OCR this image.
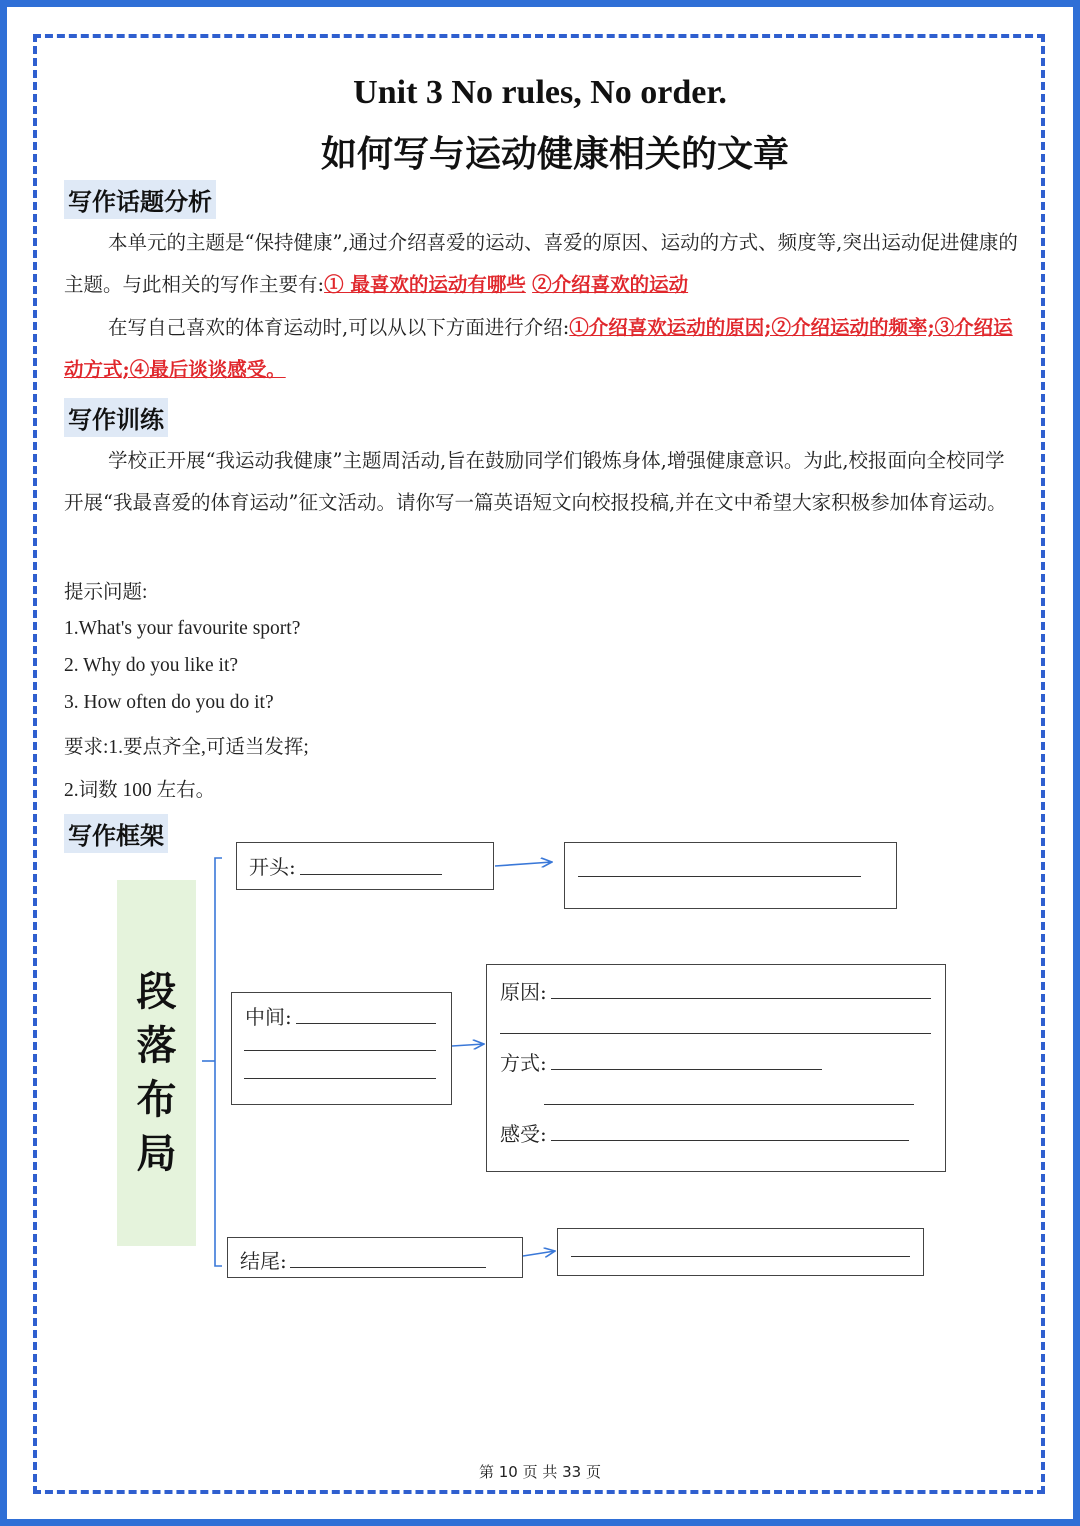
Unit 3 No rules, No order.
如何写与运动健康相关的文章
写作话题分析
本单元的主题是“保持健康”,通过介绍喜爱的运动、喜爱的原因、运动的方式、频度等,突出运动促进健康的主题。与此相关的写作主要有:① 最喜欢的运动有哪些 ②介绍喜欢的运动
在写自己喜欢的体育运动时,可以从以下方面进行介绍:①介绍喜欢运动的原因;②介绍运动的频率;③介绍运动方式;④最后谈谈感受。
写作训练
学校正开展“我运动我健康”主题周活动,旨在鼓励同学们锻炼身体,增强健康意识。为此,校报面向全校同学开展“我最喜爱的体育运动”征文活动。请你写一篇英语短文向校报投稿,并在文中希望大家积极参加体育运动。
提示问题:
1.What's your favourite sport?
2. Why do you like it?
3. How often do you do it?
要求:1.要点齐全,可适当发挥;
2.词数 100 左右。
写作框架
段
落
布
局
开头:
中间:
原因:
方式:
感受:
结尾:
第 10 页 共 33 页
